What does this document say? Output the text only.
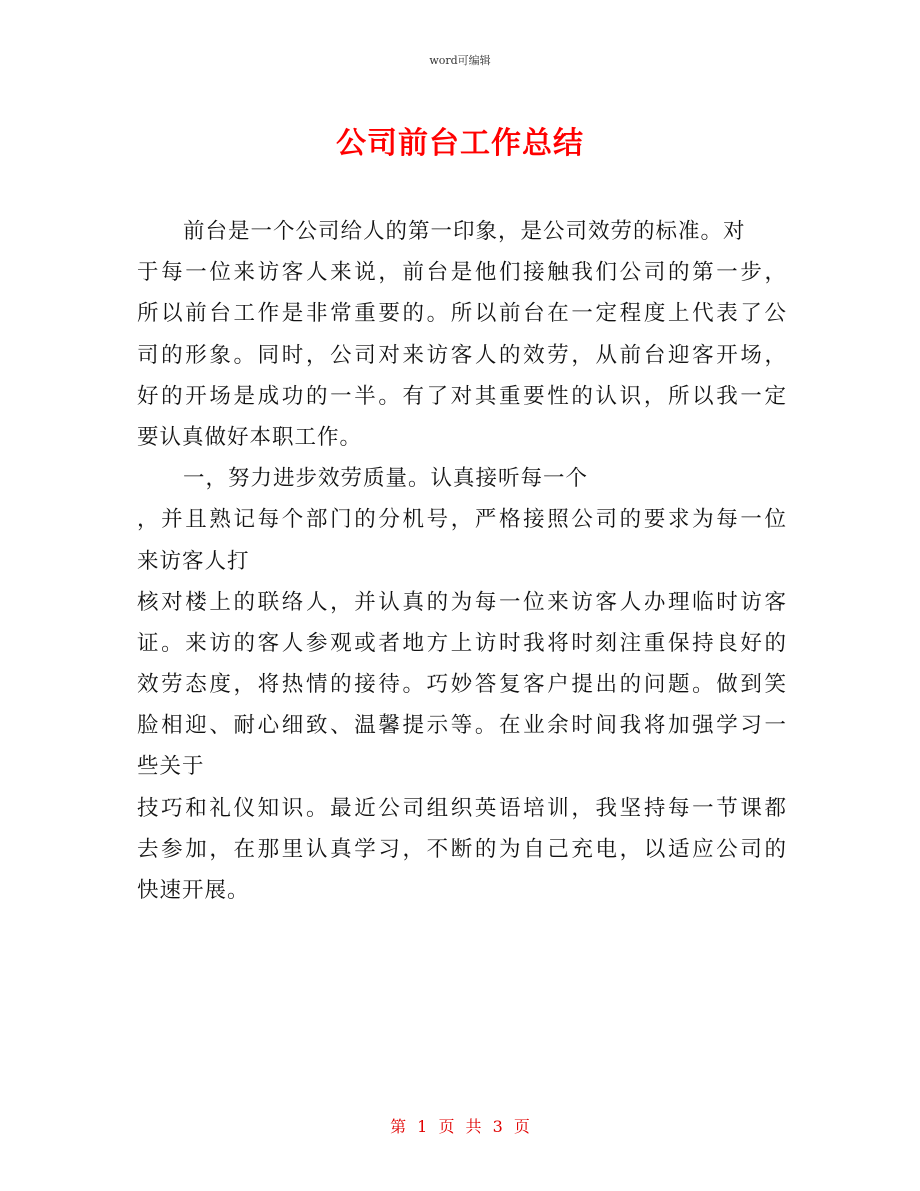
word可编辑
公司前台工作总结
前台是一个公司给人的第一印象，是公司效劳的标准。对
于每一位来访客人来说，前台是他们接触我们公司的第一步，
所以前台工作是非常重要的。所以前台在一定程度上代表了公
司的形象。同时，公司对来访客人的效劳，从前台迎客开场，
好的开场是成功的一半。有了对其重要性的认识，所以我一定
要认真做好本职工作。
一，努力进步效劳质量。认真接听每一个
，并且熟记每个部门的分机号，严格接照公司的要求为每一位
来访客人打
核对楼上的联络人，并认真的为每一位来访客人办理临时访客
证。来访的客人参观或者地方上访时我将时刻注重保持良好的
效劳态度，将热情的接待。巧妙答复客户提出的问题。做到笑
脸相迎、耐心细致、温馨提示等。在业余时间我将加强学习一
些关于
技巧和礼仪知识。最近公司组织英语培训，我坚持每一节课都
去参加，在那里认真学习，不断的为自己充电，以适应公司的
快速开展。
第 1 页 共 3 页
